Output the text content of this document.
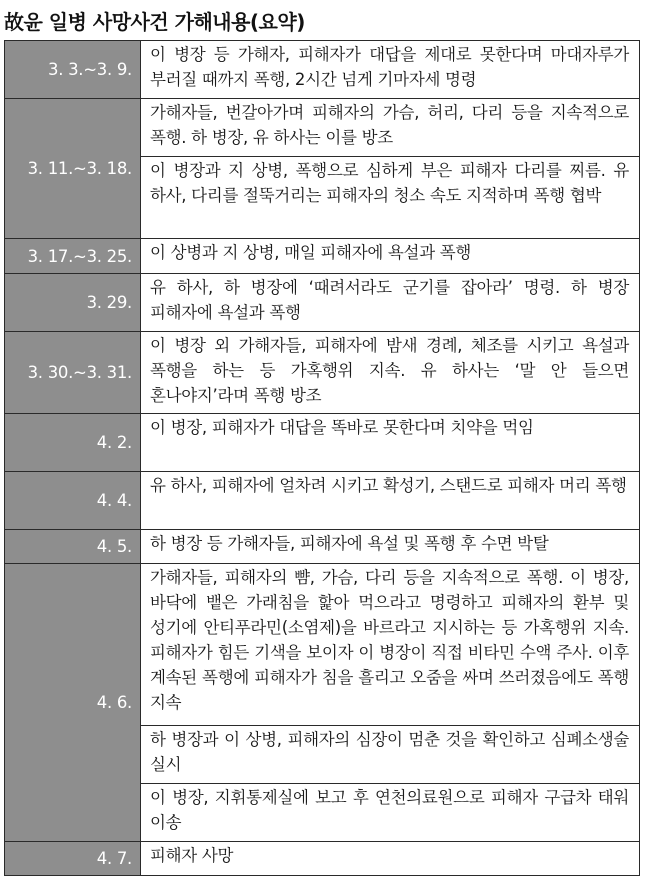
故윤 일병 사망사건 가해내용(요약)
3. 3.~3. 9.	이 병장 등 가해자, 피해자가 대답을 제대로 못한다며 마대자루가 부러질 때까지 폭행, 2시간 넘게 기마자세 명령
3. 11.~3. 18.	가해자들, 번갈아가며 피해자의 가슴, 허리, 다리 등을 지속적으로 폭행. 하 병장, 유 하사는 이를 방조
	이 병장과 지 상병, 폭행으로 심하게 부은 피해자 다리를 찌름. 유 하사, 다리를 절뚝거리는 피해자의 청소 속도 지적하며 폭행 협박
3. 17.~3. 25.	이 상병과 지 상병, 매일 피해자에 욕설과 폭행
3. 29.	유 하사, 하 병장에 ‘때려서라도 군기를 잡아라’ 명령. 하 병장 피해자에 욕설과 폭행
3. 30.~3. 31.	이 병장 외 가해자들, 피해자에 밤새 경례, 체조를 시키고 욕설과 폭행을 하는 등 가혹행위 지속. 유 하사는 ‘말 안 들으면 혼나야지’라며 폭행 방조
4. 2.	이 병장, 피해자가 대답을 똑바로 못한다며 치약을 먹임
4. 4.	유 하사, 피해자에 얼차려 시키고 확성기, 스탠드로 피해자 머리 폭행
4. 5.	하 병장 등 가해자들, 피해자에 욕설 및 폭행 후 수면 박탈
4. 6.	가해자들, 피해자의 뺨, 가슴, 다리 등을 지속적으로 폭행. 이 병장, 바닥에 뱉은 가래침을 핥아 먹으라고 명령하고 피해자의 환부 및 성기에 안티푸라민(소염제)을 바르라고 지시하는 등 가혹행위 지속. 피해자가 힘든 기색을 보이자 이 병장이 직접 비타민 수액 주사. 이후 계속된 폭행에 피해자가 침을 흘리고 오줌을 싸며 쓰러졌음에도 폭행 지속
	하 병장과 이 상병, 피해자의 심장이 멈춘 것을 확인하고 심폐소생술 실시
	이 병장, 지휘통제실에 보고 후 연천의료원으로 피해자 구급차 태워 이송
4. 7.	피해자 사망
